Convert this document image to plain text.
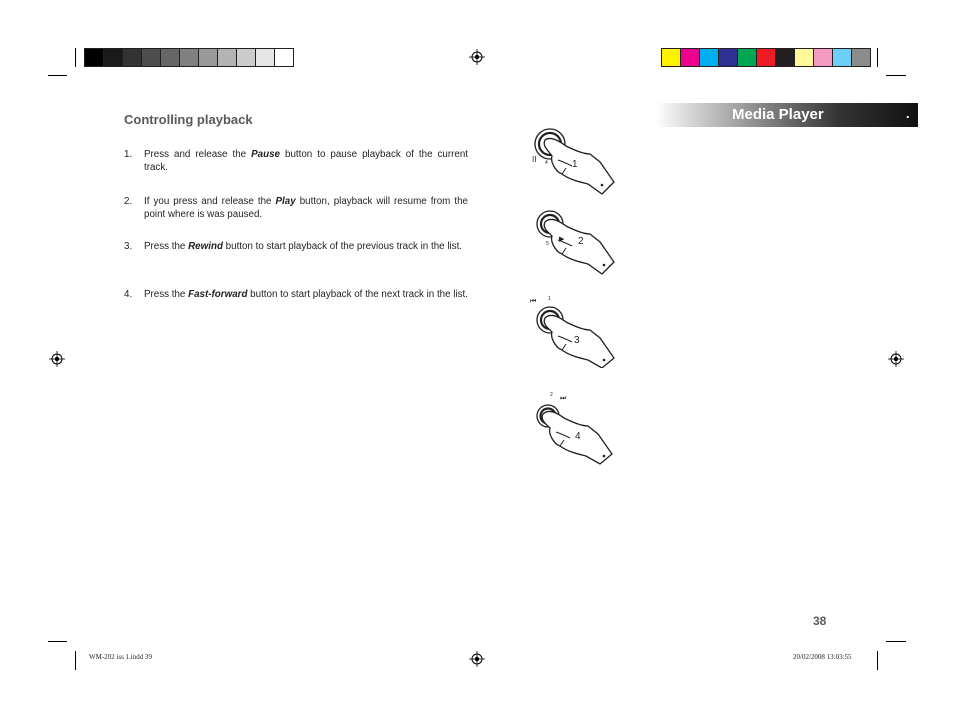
Controlling playback
1. Press and release the Pause button to pause playback of the current track.
2. If you press and release the Play button, playback will resume from the point where is was paused.
3. Press the Rewind button to start playback of the previous track in the list.
4. Press the Fast-forward button to start playback of the next track in the list.
Media Player	.
II 4 1
▶
5	2
⏮ 1
3
⏭
2
4
38
WM-202 iss 1.indd 39	20/02/2008 13:03:55
